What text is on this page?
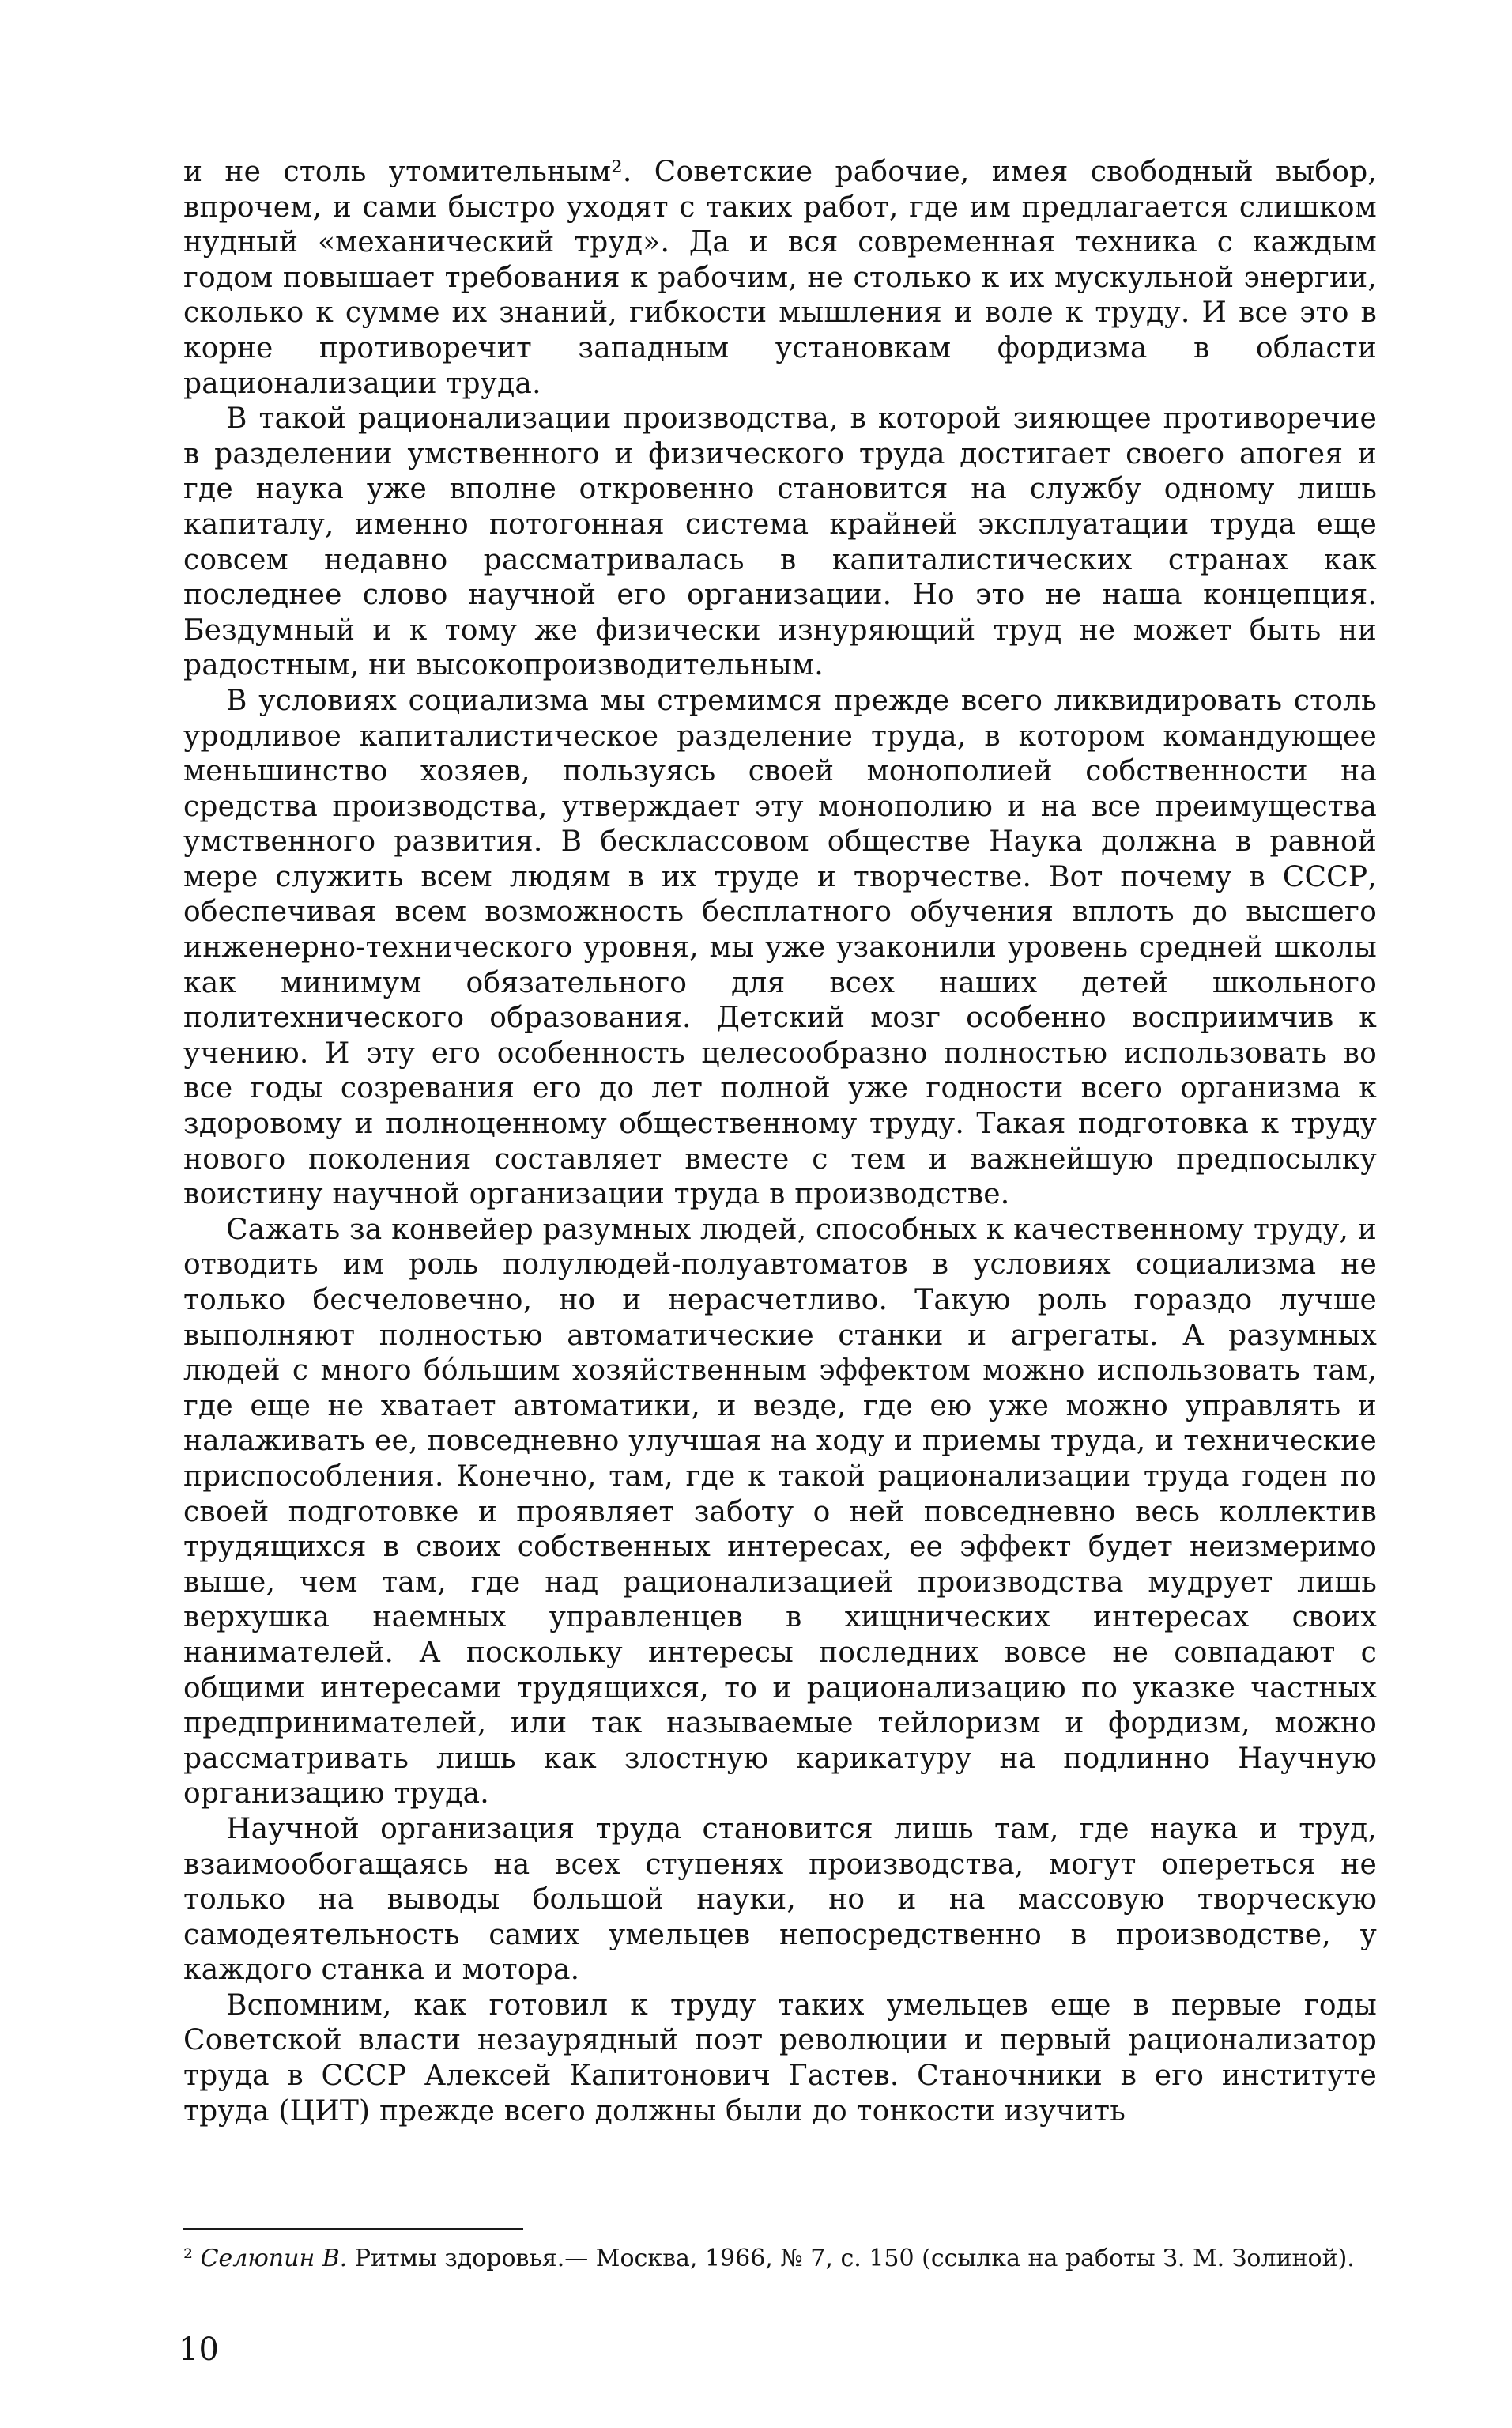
и не столь утомительным². Советские рабочие, имея свободный выбор, впрочем, и сами быстро уходят с таких работ, где им предлагается слишком нудный «механический труд». Да и вся современная техника с каждым годом повышает требования к рабочим, не столько к их мускульной энергии, сколько к сумме их знаний, гибкости мышления и воле к труду. И все это в корне противоречит западным установкам фордизма в области рационализации труда.

В такой рационализации производства, в которой зияющее противоречие в разделении умственного и физического труда достигает своего апогея и где наука уже вполне откровенно становится на службу одному лишь капиталу, именно потогонная система крайней эксплуатации труда еще совсем недавно рассматривалась в капиталистических странах как последнее слово научной его организации. Но это не наша концепция. Бездумный и к тому же физически изнуряющий труд не может быть ни радостным, ни высокопроизводительным.

В условиях социализма мы стремимся прежде всего ликвидировать столь уродливое капиталистическое разделение труда, в котором командующее меньшинство хозяев, пользуясь своей монополией собственности на средства производства, утверждает эту монополию и на все преимущества умственного развития. В бесклассовом обществе Наука должна в равной мере служить всем людям в их труде и творчестве. Вот почему в СССР, обеспечивая всем возможность бесплатного обучения вплоть до высшего инженерно-технического уровня, мы уже узаконили уровень средней школы как минимум обязательного для всех наших детей школьного политехнического образования. Детский мозг особенно восприимчив к учению. И эту его особенность целесообразно полностью использовать во все годы созревания его до лет полной уже годности всего организма к здоровому и полноценному общественному труду. Такая подготовка к труду нового поколения составляет вместе с тем и важнейшую предпосылку воистину научной организации труда в производстве.

Сажать за конвейер разумных людей, способных к качественному труду, и отводить им роль полулюдей-полуавтоматов в условиях социализма не только бесчеловечно, но и нерасчетливо. Такую роль гораздо лучше выполняют полностью автоматические станки и агрегаты. А разумных людей с много бо́льшим хозяйственным эффектом можно использовать там, где еще не хватает автоматики, и везде, где ею уже можно управлять и налаживать ее, повседневно улучшая на ходу и приемы труда, и технические приспособления. Конечно, там, где к такой рационализации труда годен по своей подготовке и проявляет заботу о ней повседневно весь коллектив трудящихся в своих собственных интересах, ее эффект будет неизмеримо выше, чем там, где над рационализацией производства мудрует лишь верхушка наемных управленцев в хищнических интересах своих нанимателей. А поскольку интересы последних вовсе не совпадают с общими интересами трудящихся, то и рационализацию по указке частных предпринимателей, или так называемые тейлоризм и фордизм, можно рассматривать лишь как злостную карикатуру на подлинно Научную организацию труда.

Научной организация труда становится лишь там, где наука и труд, взаимообогащаясь на всех ступенях производства, могут опереться не только на выводы большой науки, но и на массовую творческую самодеятельность самих умельцев непосредственно в производстве, у каждого станка и мотора.

Вспомним, как готовил к труду таких умельцев еще в первые годы Советской власти незаурядный поэт революции и первый рационализатор труда в СССР Алексей Капитонович Гастев. Станочники в его институте труда (ЦИТ) прежде всего должны были до тонкости изучить

² Селюпин В. Ритмы здоровья.— Москва, 1966, № 7, с. 150 (ссылка на работы З. М. Золиной).
10
